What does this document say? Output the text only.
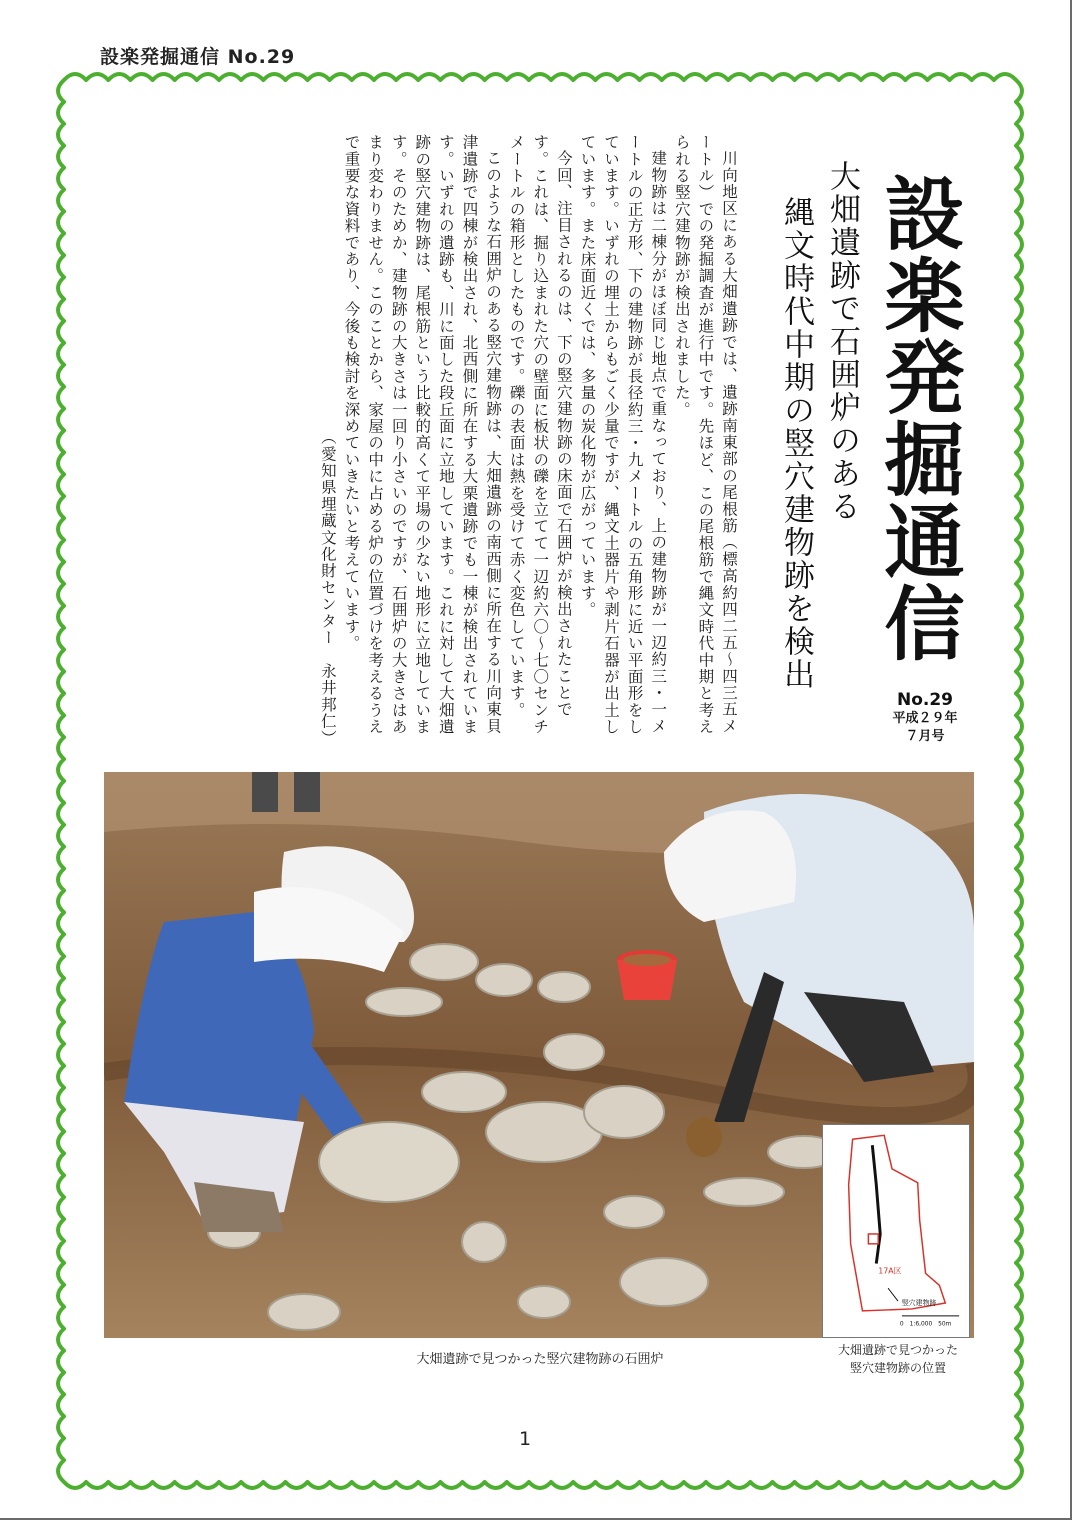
設楽発掘通信 No.29
設楽発掘通信
No.29
平成２９年
７月号
大畑遺跡で石囲炉のある
縄文時代中期の竪穴建物跡を検出

川向地区にある大畑遺跡では、遺跡南東部の尾根筋（標高約四二五～四三五メートル）での発掘調査が進行中です。先ほど、この尾根筋で縄文時代中期と考えられる竪穴建物跡が検出されました。

建物跡は二棟分がほぼ同じ地点で重なっており、上の建物跡が一辺約三・一メートルの正方形、下の建物跡が長径約三・九メートルの五角形に近い平面形をしています。いずれの埋土からもごく少量ですが、縄文土器片や剥片石器が出土しています。また床面近くでは、多量の炭化物が広がっています。

今回、注目されるのは、下の竪穴建物跡の床面で石囲炉が検出されたことです。これは、掘り込まれた穴の壁面に板状の礫を立てて一辺約六〇～七〇センチメートルの箱形としたものです。礫の表面は熱を受けて赤く変色しています。

このような石囲炉のある竪穴建物跡は、大畑遺跡の南西側に所在する川向東貝津遺跡で四棟が検出され、北西側に所在する大栗遺跡でも一棟が検出されています。いずれの遺跡も、川に面した段丘面に立地しています。これに対して大畑遺跡の竪穴建物跡は、尾根筋という比較的高くて平場の少ない地形に立地しています。そのためか、建物跡の大きさは一回り小さいのですが、石囲炉の大きさはあまり変わりません。このことから、家屋の中に占める炉の位置づけを考えるうえで重要な資料であり、今後も検討を深めていきたいと考えています。

（愛知県埋蔵文化財センター　永井邦仁）

17A区
竪穴建物跡
0　1:6,000　50m
大畑遺跡で見つかった竪穴建物跡の石囲炉
大畑遺跡で見つかった
竪穴建物跡の位置
1
